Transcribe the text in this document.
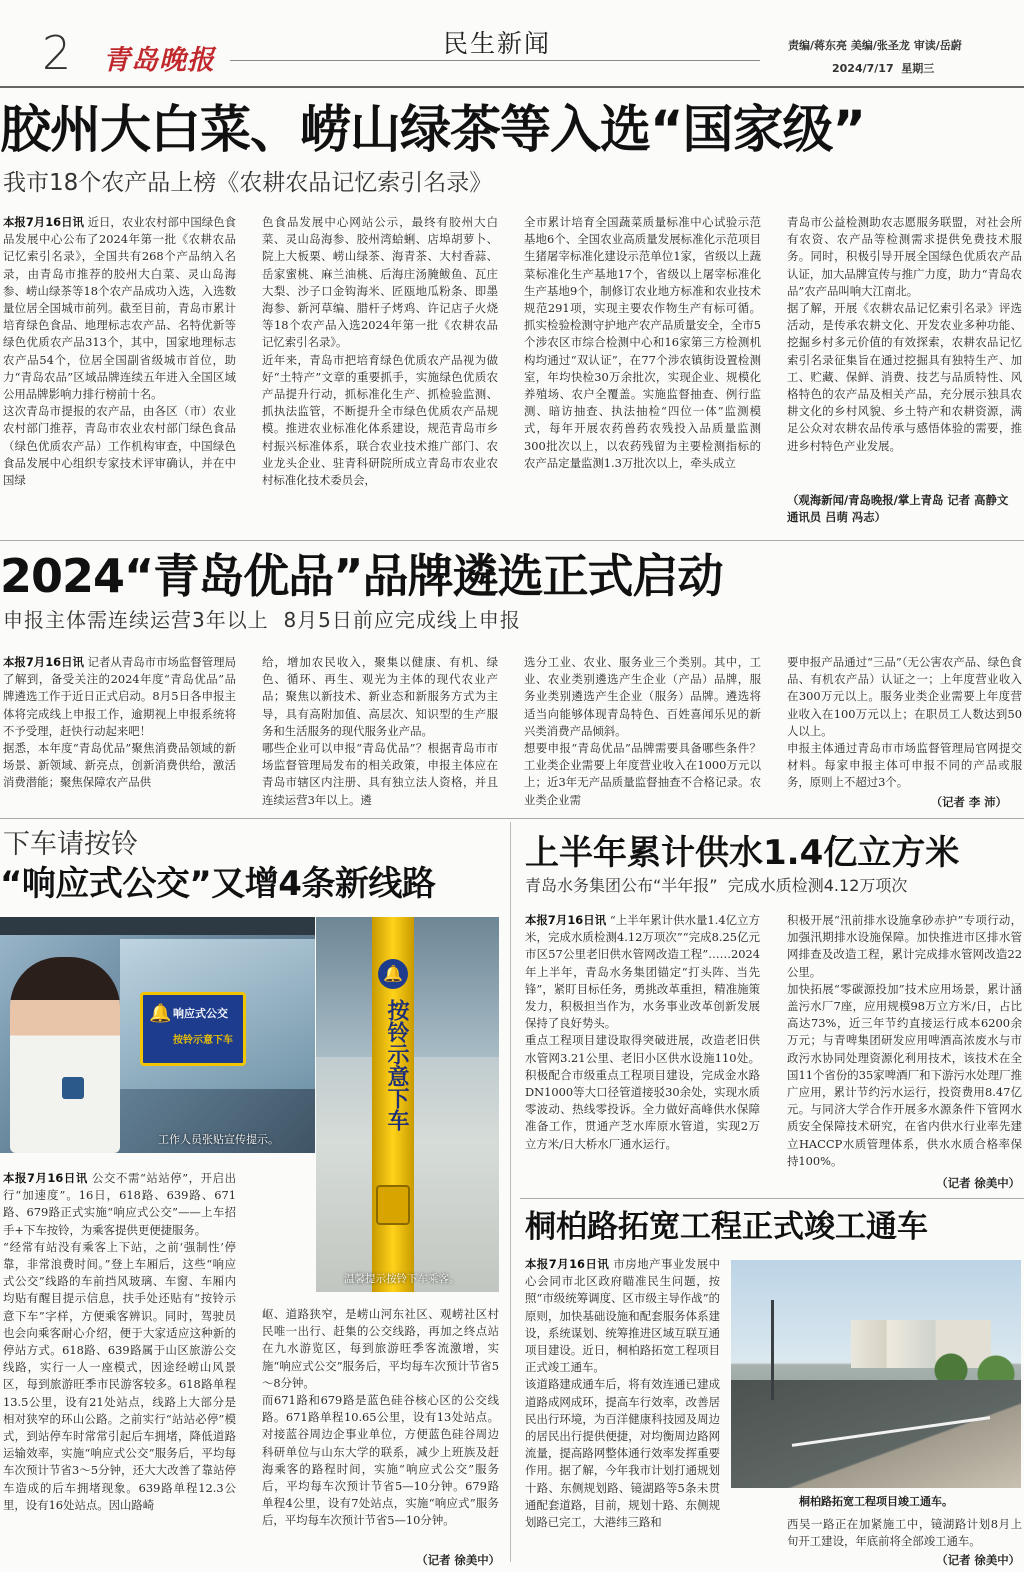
2 青岛晚报
民生新闻	责编/蒋东亮 美编/张圣龙 审读/岳蔚
2024/7/17  星期三
胶州大白菜、崂山绿茶等入选“国家级”
我市18个农产品上榜《农耕农品记忆索引名录》
本报7月16日讯 近日，农业农村部中国绿色食品发展中心公布了2024年第一批《农耕农品记忆索引名录》，全国共有268个产品纳入名录，由青岛市推荐的胶州大白菜、灵山岛海参、崂山绿茶等18个农产品成功入选，入选数量位居全国城市前列。截至目前，青岛市累计培育绿色食品、地理标志农产品、名特优新等绿色优质农产品313个，其中，国家地理标志农产品54个，位居全国副省级城市首位，助力“青岛农品”区域品牌连续五年进入全国区域公用品牌影响力排行榜前十名。
这次青岛市提报的农产品，由各区（市）农业农村部门推荐，青岛市农业农村部门绿色食品（绿色优质农产品）工作机构审查，中国绿色食品发展中心组织专家技术评审确认，并在中国绿
色食品发展中心网站公示，最终有胶州大白菜、灵山岛海参、胶州湾蛤蜊、店埠胡萝卜、院上大板栗、崂山绿茶、海青茶、大村香蒜、岳家蜜桃、麻兰油桃、后海庄汤腌鲅鱼、瓦庄大梨、沙子口金钩海米、匠瓯地瓜粉条、即墨海参、新河草编、腊杆子烤鸡、许记店子火烧等18个农产品入选2024年第一批《农耕农品记忆索引名录》。
近年来，青岛市把培育绿色优质农产品视为做好“土特产”文章的重要抓手，实施绿色优质农产品提升行动，抓标准化生产、抓检验监测、抓执法监管，不断提升全市绿色优质农产品规模。推进农业标准化体系建设，规范青岛市乡村振兴标准体系，联合农业技术推广部门、农业龙头企业、驻青科研院所成立青岛市农业农村标准化技术委员会，
全市累计培育全国蔬菜质量标准中心试验示范基地6个、全国农业高质量发展标准化示范项目生猪屠宰标准化建设示范单位1家，省级以上蔬菜标准化生产基地17个，省级以上屠宰标准化生产基地9个，制修订农业地方标准和农业技术规范291项，实现主要农作物生产有标可循。抓实检验检测守护地产农产品质量安全，全市5个涉农区市综合检测中心和16家第三方检测机构均通过“双认证”，在77个涉农镇街设置检测室，年均快检30万余批次，实现企业、规模化养殖场、农户全覆盖。实施监督抽查、例行监测、暗访抽查、执法抽检“四位一体”监测模式，每年开展农药兽药农残投入品质量监测300批次以上，以农药残留为主要检测指标的农产品定量监测1.3万批次以上，牵头成立
青岛市公益检测助农志愿服务联盟，对社会所有农资、农产品等检测需求提供免费技术服务。同时，积极引导开展全国绿色优质农产品认证，加大品牌宣传与推广力度，助力“青岛农品”农产品叫响大江南北。
据了解，开展《农耕农品记忆索引名录》评选活动，是传承农耕文化、开发农业多种功能、挖掘乡村多元价值的有效探索，农耕农品记忆索引名录征集旨在通过挖掘具有独特生产、加工、贮藏、保鲜、消费、技艺与品质特性、风格特色的农产品及相关产品，充分展示独具农耕文化的乡村风貌、乡土特产和农耕资源，满足公众对农耕农品传承与感悟体验的需要，推进乡村特色产业发展。
（观海新闻/青岛晚报/掌上青岛 记者 高静文 通讯员 吕萌 冯志）
2024“青岛优品”品牌遴选正式启动
申报主体需连续运营3年以上  8月5日前应完成线上申报
本报7月16日讯 记者从青岛市市场监督管理局了解到，备受关注的2024年度“青岛优品”品牌遴选工作于近日正式启动。8月5日各申报主体将完成线上申报工作，逾期视上申报系统将不予受理，赶快行动起来吧！
据悉，本年度“青岛优品”聚焦消费品领域的新场景、新领域、新亮点，创新消费供给，激活消费潜能；聚焦保障农产品供
给，增加农民收入，聚集以健康、有机、绿色、循环、再生、观光为主体的现代农业产品；聚焦以新技术、新业态和新服务方式为主导，具有高附加值、高层次、知识型的生产服务和生活服务的现代服务业产品。
哪些企业可以申报“青岛优品”？根据青岛市市场监督管理局发布的相关政策，申报主体应在青岛市辖区内注册、具有独立法人资格，并且连续运营3年以上。遴
选分工业、农业、服务业三个类别。其中，工业、农业类别遴选产生企业（产品）品牌，服务业类别遴选产生企业（服务）品牌。遴选将适当向能够体现青岛特色、百姓喜闻乐见的新兴类消费产品倾斜。
想要申报“青岛优品”品牌需要具备哪些条件？工业类企业需要上年度营业收入在1000万元以上；近3年无产品质量监督抽查不合格记录。农业类企业需
要申报产品通过“三品”（无公害农产品、绿色食品、有机农产品）认证之一；上年度营业收入在300万元以上。服务业类企业需要上年度营业收入在100万元以上；在职员工人数达到50人以上。
申报主体通过青岛市市场监督管理局官网提交材料。每家申报主体可申报不同的产品或服务，原则上不超过3个。
（记者 李 沛）
下车请按铃
“响应式公交”又增4条新线路
🔔 响应式公交
按铃示意下车
工作人员张贴宣传提示。
🔔
按铃示意下车
温馨提示按铃下车乘客。
本报7月16日讯 公交不需“站站停”，开启出行“加速度”。16日，618路、639路、671路、679路正式实施“响应式公交”——上车招手+下车按铃，为乘客提供更便捷服务。
“经常有站没有乘客上下站，之前‘强制性’停靠，非常浪费时间。”登上车厢后，这些“响应式公交”线路的车前挡风玻璃、车窗、车厢内均贴有醒目提示信息，扶手处还贴有“按铃示意下车”字样，方便乘客辨识。同时，驾驶员也会向乘客耐心介绍，便于大家适应这种新的停站方式。618路、639路属于山区旅游公交线路，实行一人一座模式，因途经崂山风景区，每到旅游旺季市民游客较多。618路单程13.5公里，设有21处站点，线路上大部分是相对狭窄的环山公路。之前实行“站站必停”模式，到站停车时常常引起后车拥堵，降低道路运输效率，实施“响应式公交”服务后，平均每车次预计节省3～5分钟，还大大改善了靠站停车造成的后车拥堵现象。639路单程12.3公里，设有16处站点。因山路崎
岖、道路狭窄，是崂山河东社区、观崂社区村民唯一出行、赶集的公交线路，再加之终点站在九水游览区，每到旅游旺季客流激增，实施“响应式公交”服务后，平均每车次预计节省5～8分钟。
而671路和679路是蓝色硅谷核心区的公交线路。671路单程10.65公里，设有13处站点。对接蓝谷周边企事业单位，方便蓝色硅谷周边科研单位与山东大学的联系，减少上班族及赶海乘客的路程时间，实施“响应式公交”服务后，平均每车次预计节省5—10分钟。679路单程4公里，设有7处站点，实施“响应式”服务后，平均每车次预计节省5—10分钟。
（记者 徐美中）
上半年累计供水1.4亿立方米
青岛水务集团公布“半年报”  完成水质检测4.12万项次
本报7月16日讯 “上半年累计供水量1.4亿立方米，完成水质检测4.12万项次”“完成8.25亿元市区57公里老旧供水管网改造工程”……2024年上半年，青岛水务集团锚定“打头阵、当先锋”，紧盯目标任务，勇挑改革重担，精准施策发力，积极担当作为，水务事业改革创新发展保持了良好势头。
重点工程项目建设取得突破进展，改造老旧供水管网3.21公里、老旧小区供水设施110处。积极配合市级重点工程项目建设，完成金水路DN1000等大口径管道接驳30余处，实现水质零波动、热线零投诉。全力做好高峰供水保障准备工作，贯通产芝水库原水管道，实现2万立方米/日大桥水厂通水运行。
积极开展“汛前排水设施拿砂赤护”专项行动，加强汛期排水设施保障。加快推进市区排水管网排查及改造工程，累计完成排水管网改造22公里。
加快拓展“零碳源投加”技术应用场景，累计涵盖污水厂7座，应用规模98万立方米/日，占比高达73%，近三年节约直接运行成本6200余万元；与青啤集团研发应用啤酒高浓废水与市政污水协同处理资源化利用技术，该技术在全国11个省份的35家啤酒厂和下游污水处理厂推广应用，累计节约污水运行，投资费用8.47亿元。与同济大学合作开展多水源条件下管网水质安全保障技术研究，在省内供水行业率先建立HACCP水质管理体系，供水水质合格率保持100%。
（记者 徐美中）
桐柏路拓宽工程正式竣工通车
本报7月16日讯 市房地产事业发展中心会同市北区政府瞄准民生问题，按照“市级统筹调度、区市级主导作战”的原则，加快基础设施和配套服务体系建设，系统谋划、统筹推进区域互联互通项目建设。近日，桐柏路拓宽工程项目正式竣工通车。
该道路建成通车后，将有效连通已建成道路成网成环，提高车行效率，改善居民出行环境，为百洋健康科技园及周边的居民出行提供便捷，对均衡周边路网流量，提高路网整体通行效率发挥重要作用。据了解，今年我市计划打通规划十路、东侧规划路、镜湖路等5条未贯通配套道路，目前，规划十路、东侧规划路已完工，大港纬三路和
桐柏路拓宽工程项目竣工通车。
西吴一路正在加紧施工中，镜湖路计划8月上旬开工建设，年底前将全部竣工通车。
（记者 徐美中）
